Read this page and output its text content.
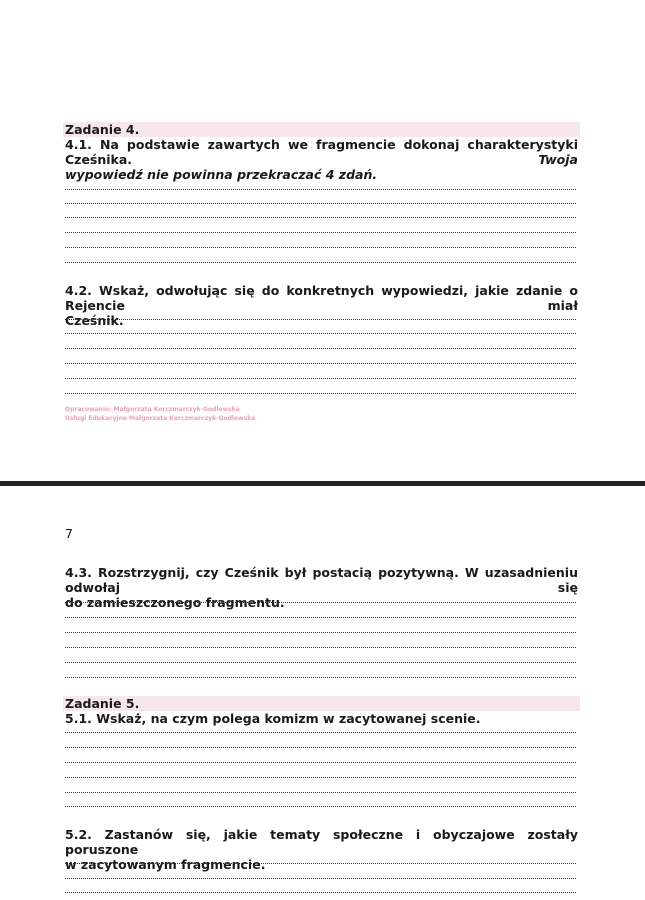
Zadanie 4.
4.1. Na podstawie zawartych we fragmencie dokonaj charakterystyki Cześnika.	Twoja
wypowiedź nie powinna przekraczać 4 zdań.
4.2. Wskaż, odwołując się do konkretnych wypowiedzi, jakie zdanie o Rejencie miał
Cześnik.
Opracowanie: Małgorzata Korczmarczyk-Godlewska
Usługi Edukacyjne Małgorzata Korczmarczyk-Godlewska
7
4.3. Rozstrzygnij, czy Cześnik był postacią pozytywną. W uzasadnieniu odwołaj się
do zamieszczonego fragmentu.
Zadanie 5.
5.1. Wskaż, na czym polega komizm w zacytowanej scenie.
5.2. Zastanów się, jakie tematy społeczne i obyczajowe zostały poruszone
w zacytowanym fragmencie.
